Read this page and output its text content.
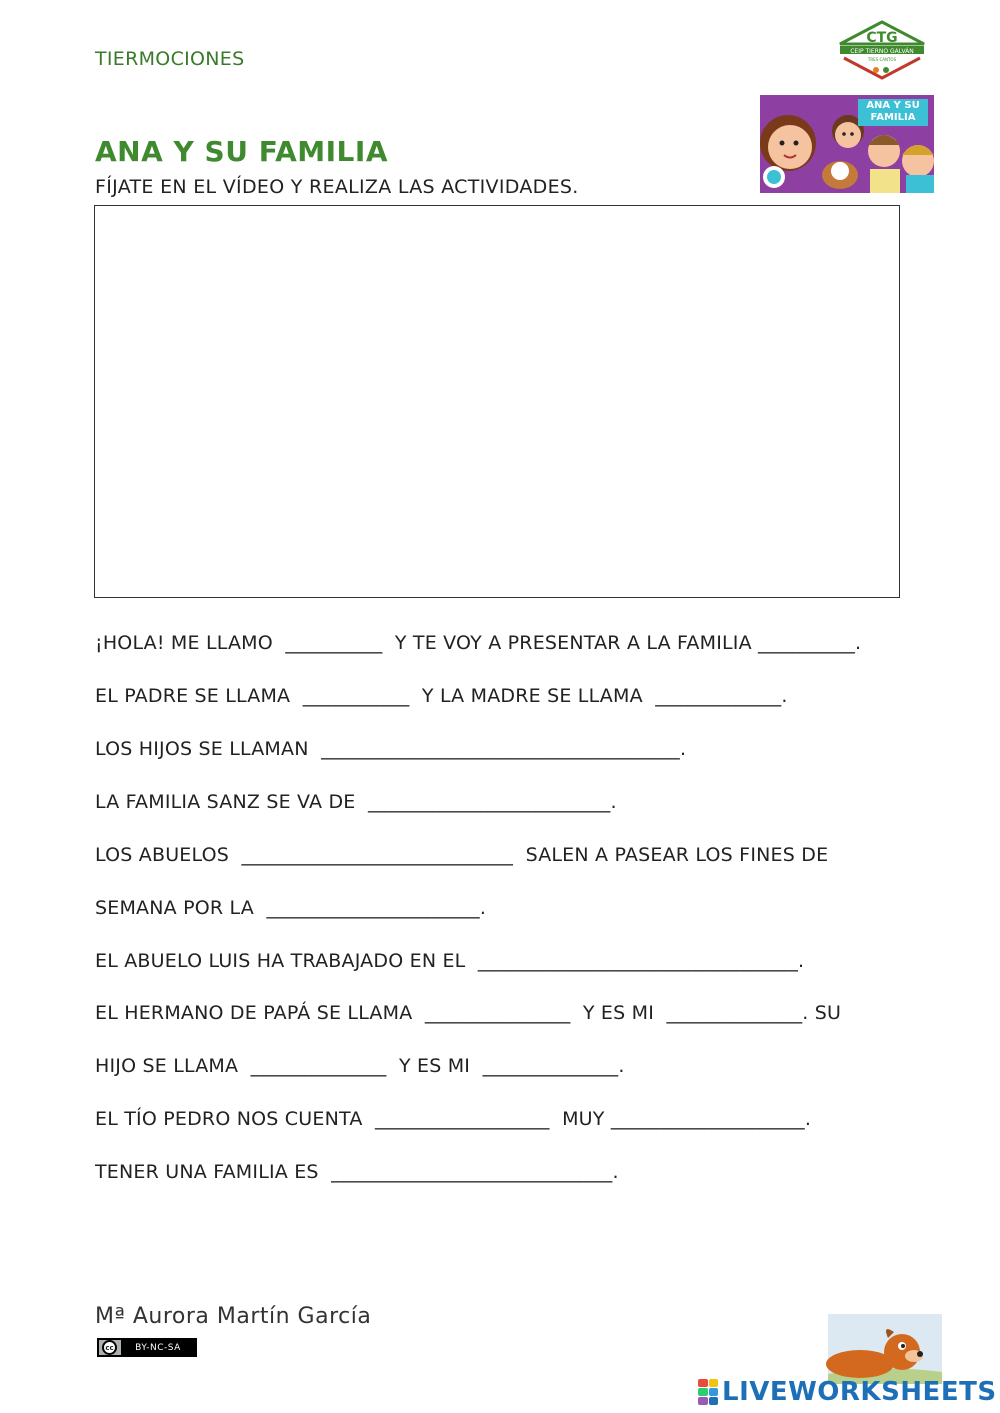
TIERMOCIONES
CTG
CEIP TIERNO GALVÁN
TRES CANTOS
ANA Y SU FAMILIA
ANA Y SU FAMILIA
FÍJATE EN EL VÍDEO Y REALIZA LAS ACTIVIDADES.
¡HOLA! ME LLAMO  __________  Y TE VOY A PRESENTAR A LA FAMILIA __________.
EL PADRE SE LLAMA  ___________  Y LA MADRE SE LLAMA  _____________.
LOS HIJOS SE LLAMAN  _____________________________________.
LA FAMILIA SANZ SE VA DE  _________________________.
LOS ABUELOS  ____________________________  SALEN A PASEAR LOS FINES DE
SEMANA POR LA  ______________________.
EL ABUELO LUIS HA TRABAJADO EN EL  _________________________________.
EL HERMANO DE PAPÁ SE LLAMA  _______________  Y ES MI  ______________. SU
HIJO SE LLAMA  ______________  Y ES MI  ______________.
EL TÍO PEDRO NOS CUENTA  __________________  MUY ____________________.
TENER UNA FAMILIA ES  _____________________________.
Mª Aurora Martín García
cc	BY-NC-SA
LIVEWORKSHEETS
